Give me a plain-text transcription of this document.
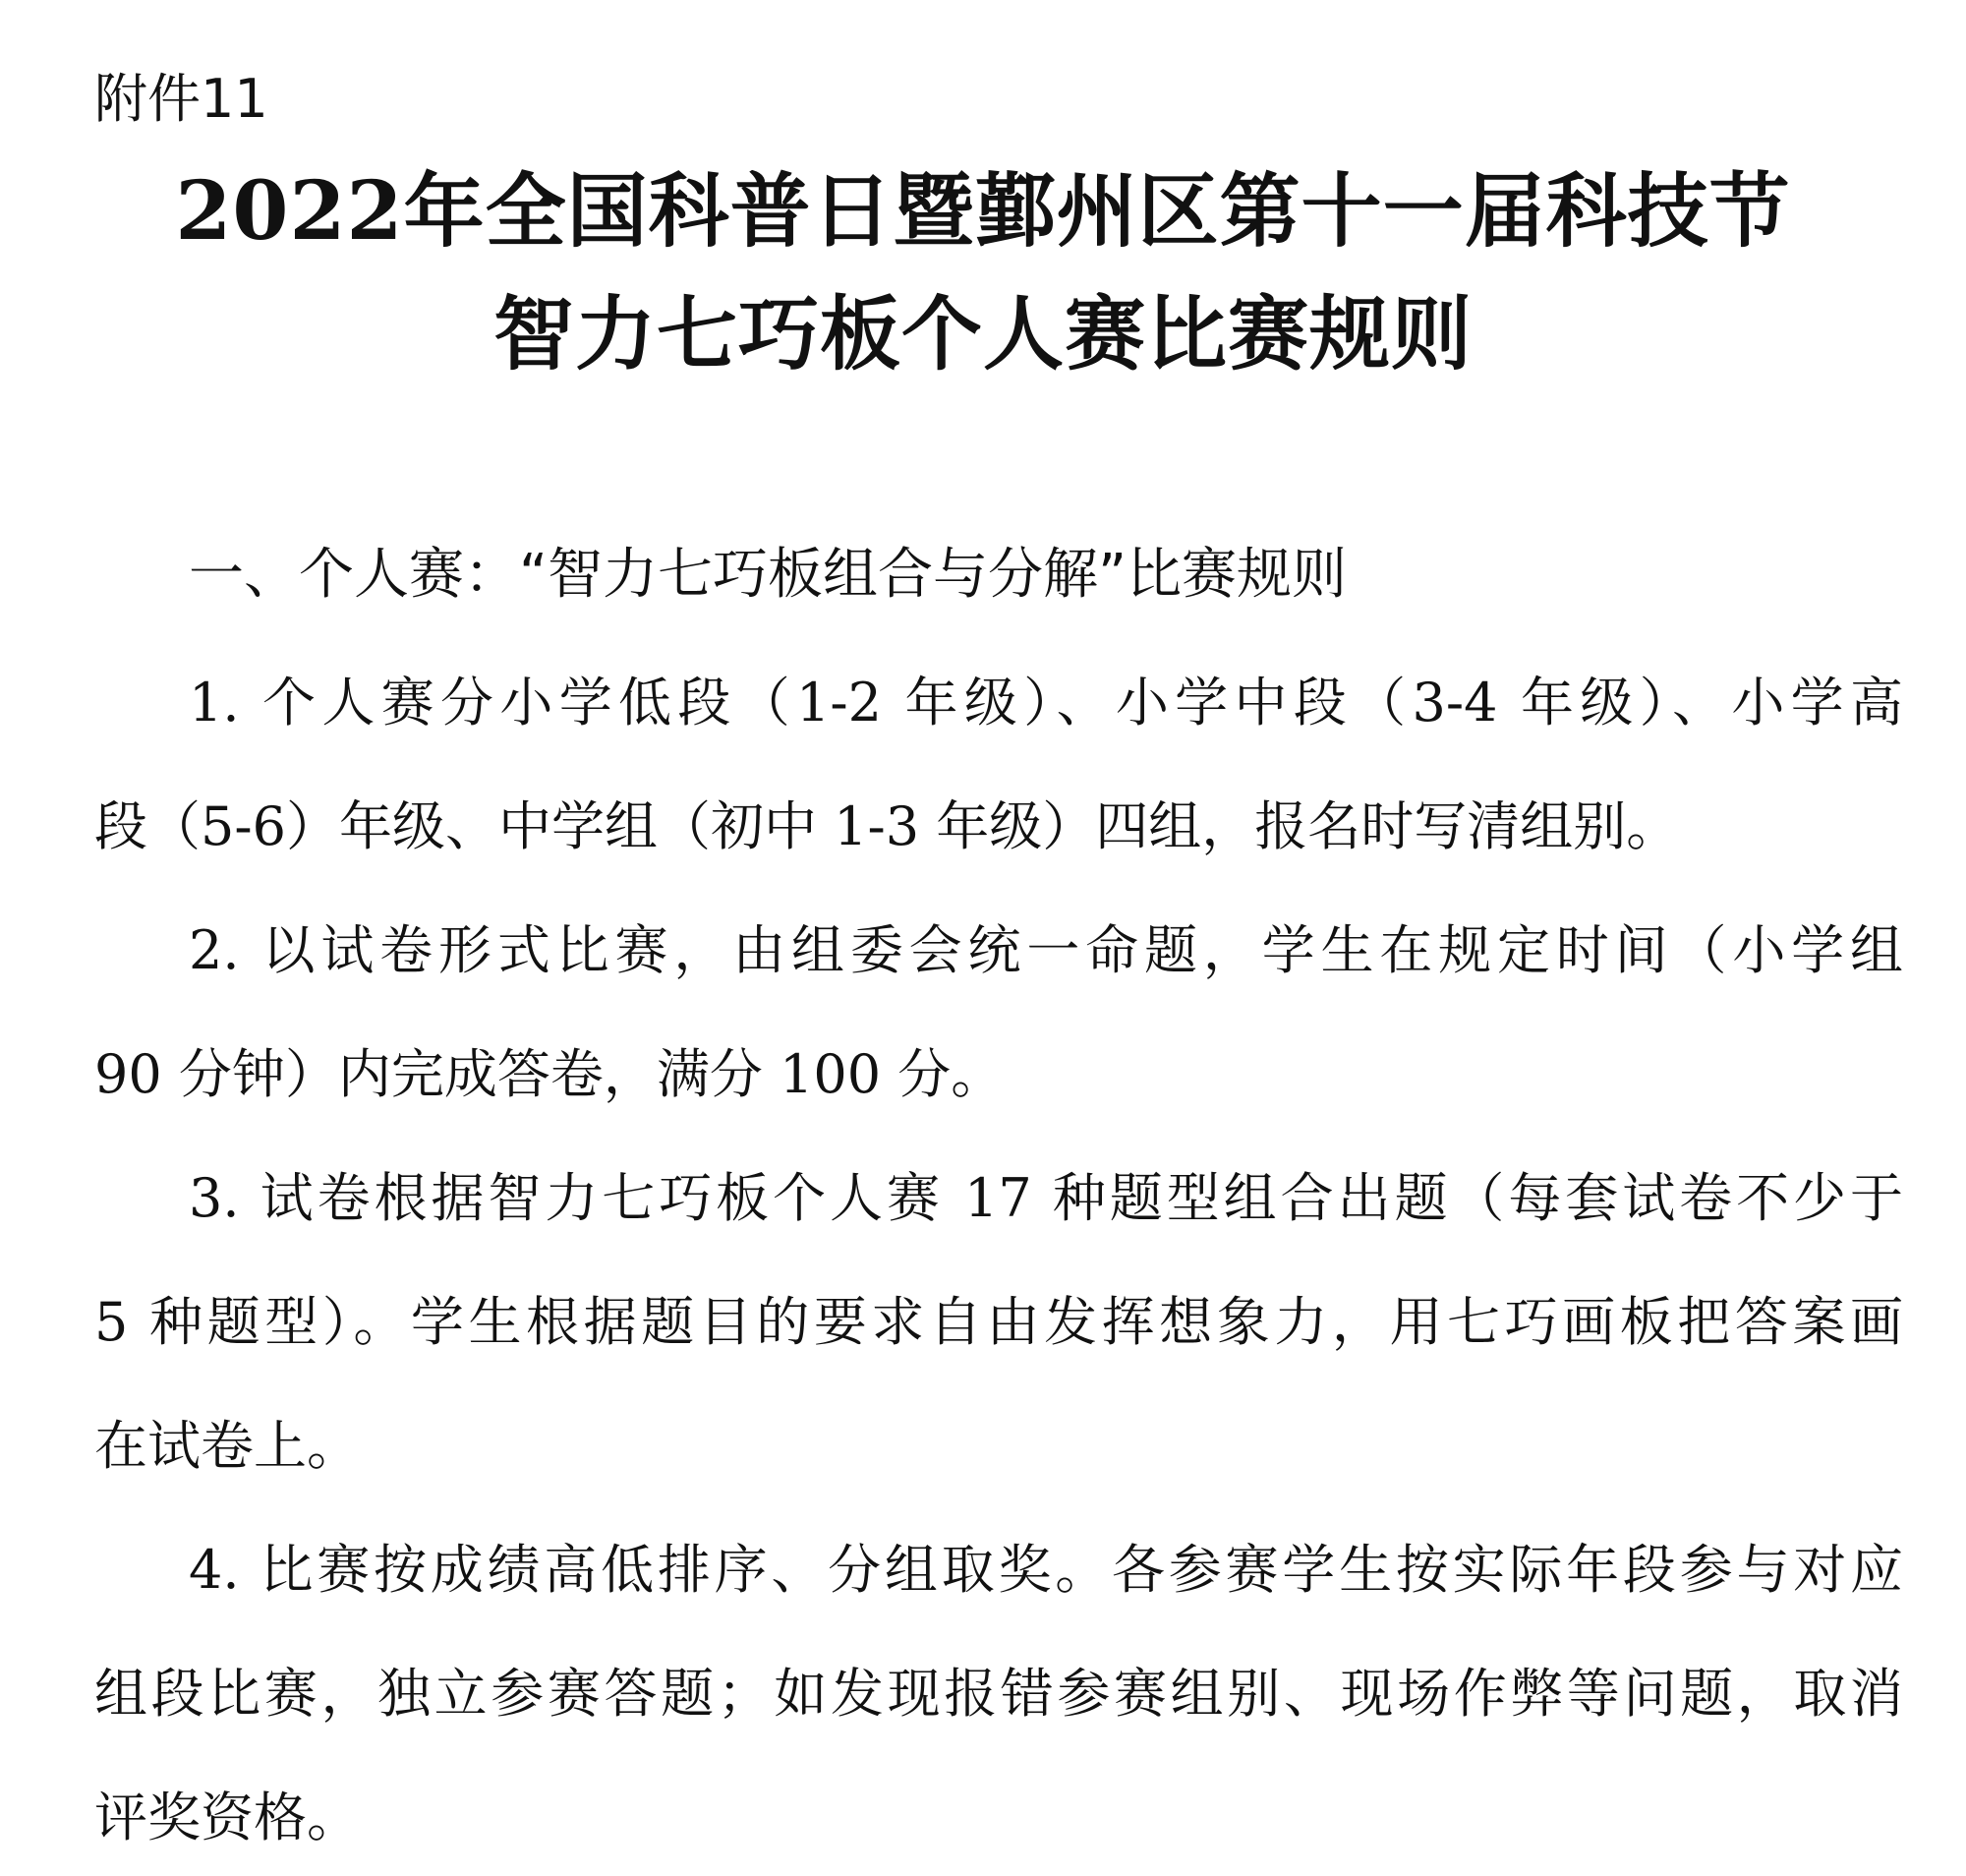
附件11
2022年全国科普日暨鄞州区第十一届科技节
智力七巧板个人赛比赛规则
一、个人赛：“智力七巧板组合与分解”比赛规则
1. 个人赛分小学低段（1-2 年级）、小学中段（3-4 年级）、小学高
段（5-6）年级、中学组（初中 1-3 年级）四组，报名时写清组别。
2. 以试卷形式比赛，由组委会统一命题，学生在规定时间（小学组
90 分钟）内完成答卷，满分 100 分。
3. 试卷根据智力七巧板个人赛 17 种题型组合出题（每套试卷不少于
5 种题型）。学生根据题目的要求自由发挥想象力，用七巧画板把答案画
在试卷上。
4. 比赛按成绩高低排序、分组取奖。各参赛学生按实际年段参与对应
组段比赛，独立参赛答题；如发现报错参赛组别、现场作弊等问题，取消
评奖资格。
